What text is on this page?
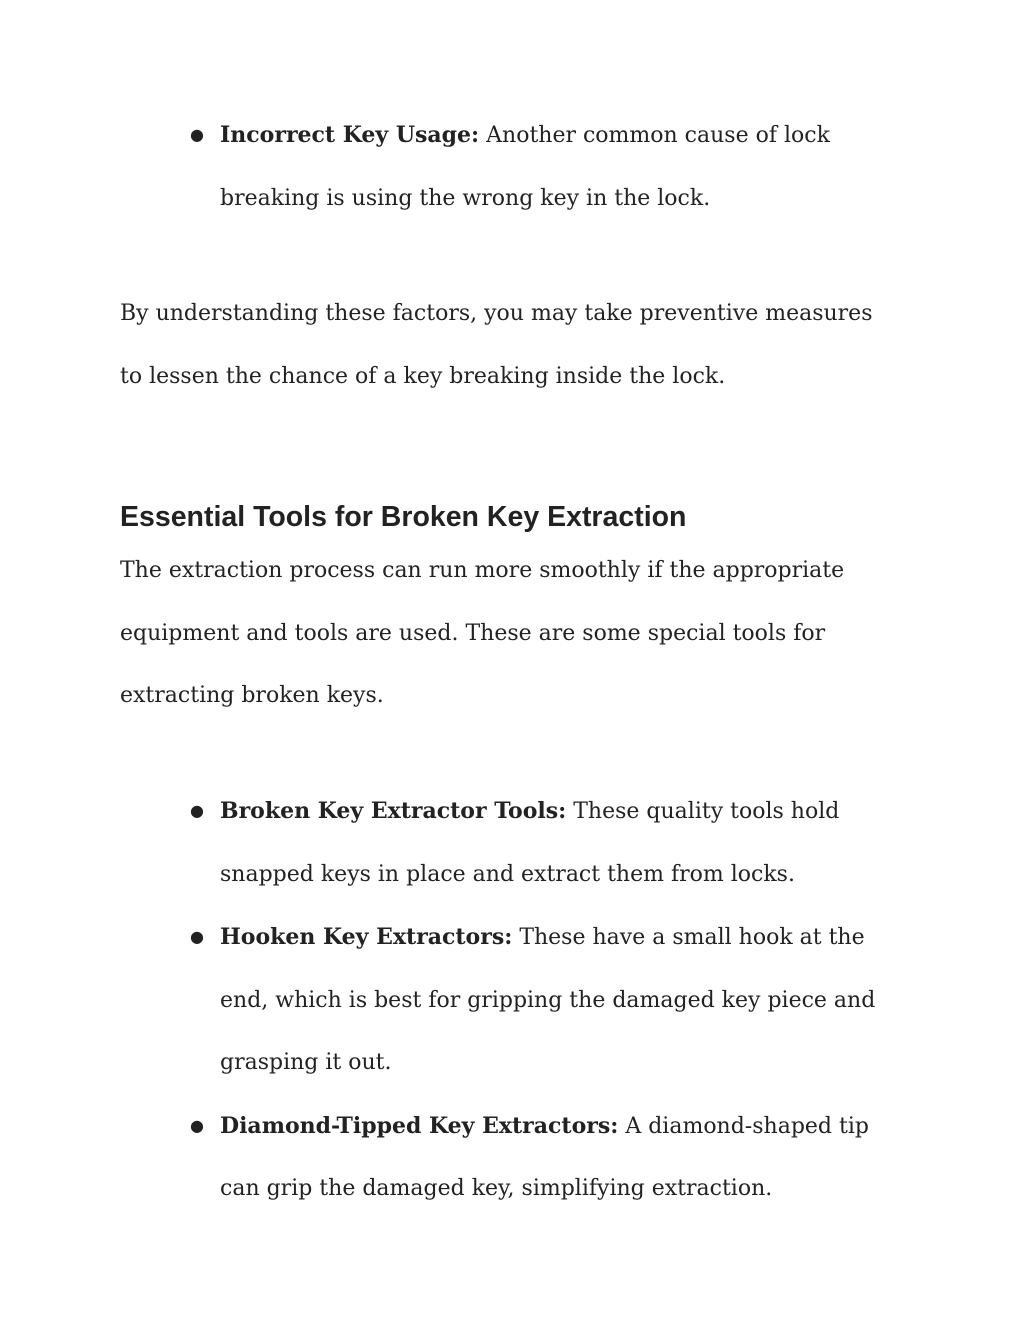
● Incorrect Key Usage: Another common cause of lock breaking is using the wrong key in the lock.

By understanding these factors, you may take preventive measures to lessen the chance of a key breaking inside the lock.

Essential Tools for Broken Key Extraction

The extraction process can run more smoothly if the appropriate equipment and tools are used. These are some special tools for extracting broken keys.

● Broken Key Extractor Tools: These quality tools hold snapped keys in place and extract them from locks.
● Hooken Key Extractors: These have a small hook at the end, which is best for gripping the damaged key piece and grasping it out.
● Diamond-Tipped Key Extractors: A diamond-shaped tip can grip the damaged key, simplifying extraction.
